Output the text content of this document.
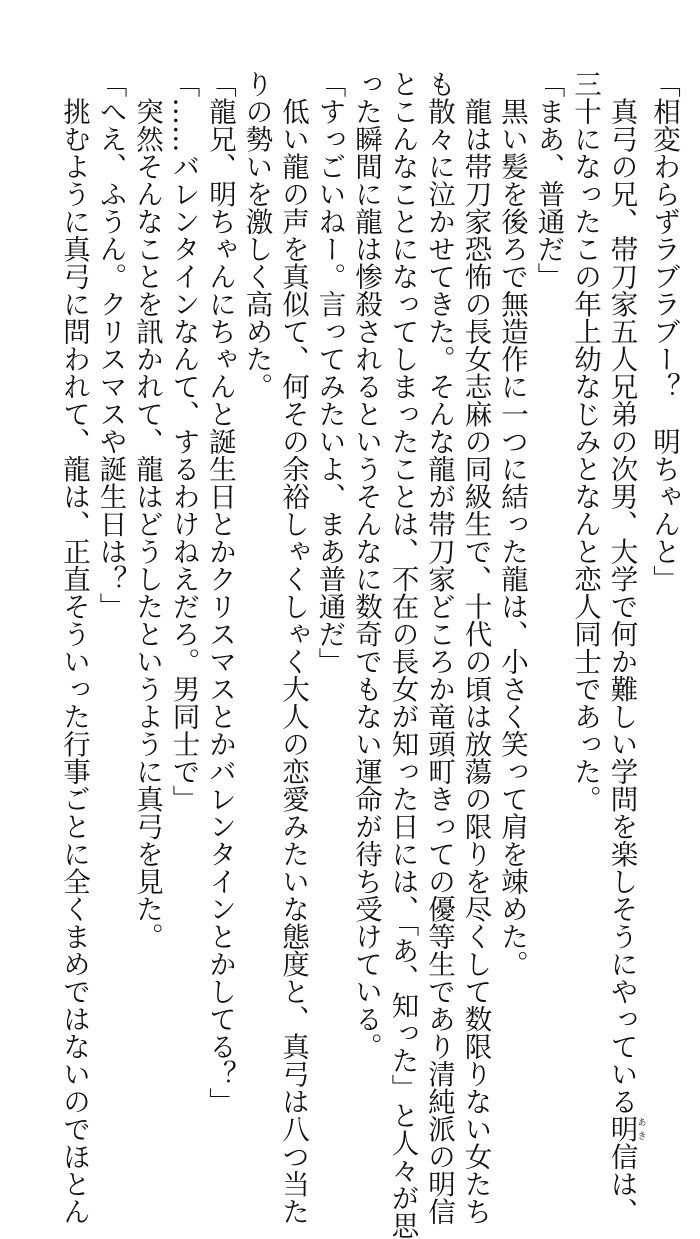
「相変わらずラブラブー？　明ちゃんと」
　真弓の兄、帯刀家五人兄弟の次男、大学で何か難しい学問を楽しそうにやっている明あき信は、
三十になったこの年上幼なじみとなんと恋人同士であった。
「まあ、普通だ」
　黒い髪を後ろで無造作に一つに結った龍は、小さく笑って肩を竦めた。
　龍は帯刀家恐怖の長女志麻の同級生で、十代の頃は放蕩の限りを尽くして数限りない女たち
も散々に泣かせてきた。そんな龍が帯刀家どころか竜頭町きっての優等生であり清純派の明信
とこんなことになってしまったことは、不在の長女が知った日には、「あ、知った」と人々が思
った瞬間に龍は惨殺されるというそんなに数奇でもない運命が待ち受けている。
「すっごいねー。言ってみたいよ、まあ普通だ」
　低い龍の声を真似て、何その余裕しゃくしゃく大人の恋愛みたいな態度と、真弓は八つ当た
りの勢いを激しく高めた。
「龍兄、明ちゃんにちゃんと誕生日とかクリスマスとかバレンタインとかしてる？」
「……バレンタインなんて、するわけねえだろ。男同士で」
　突然そんなことを訊かれて、龍はどうしたというように真弓を見た。
「へえ、ふうん。クリスマスや誕生日は？」
　挑むように真弓に問われて、龍は、正直そういった行事ごとに全くまめではないのでほとん
